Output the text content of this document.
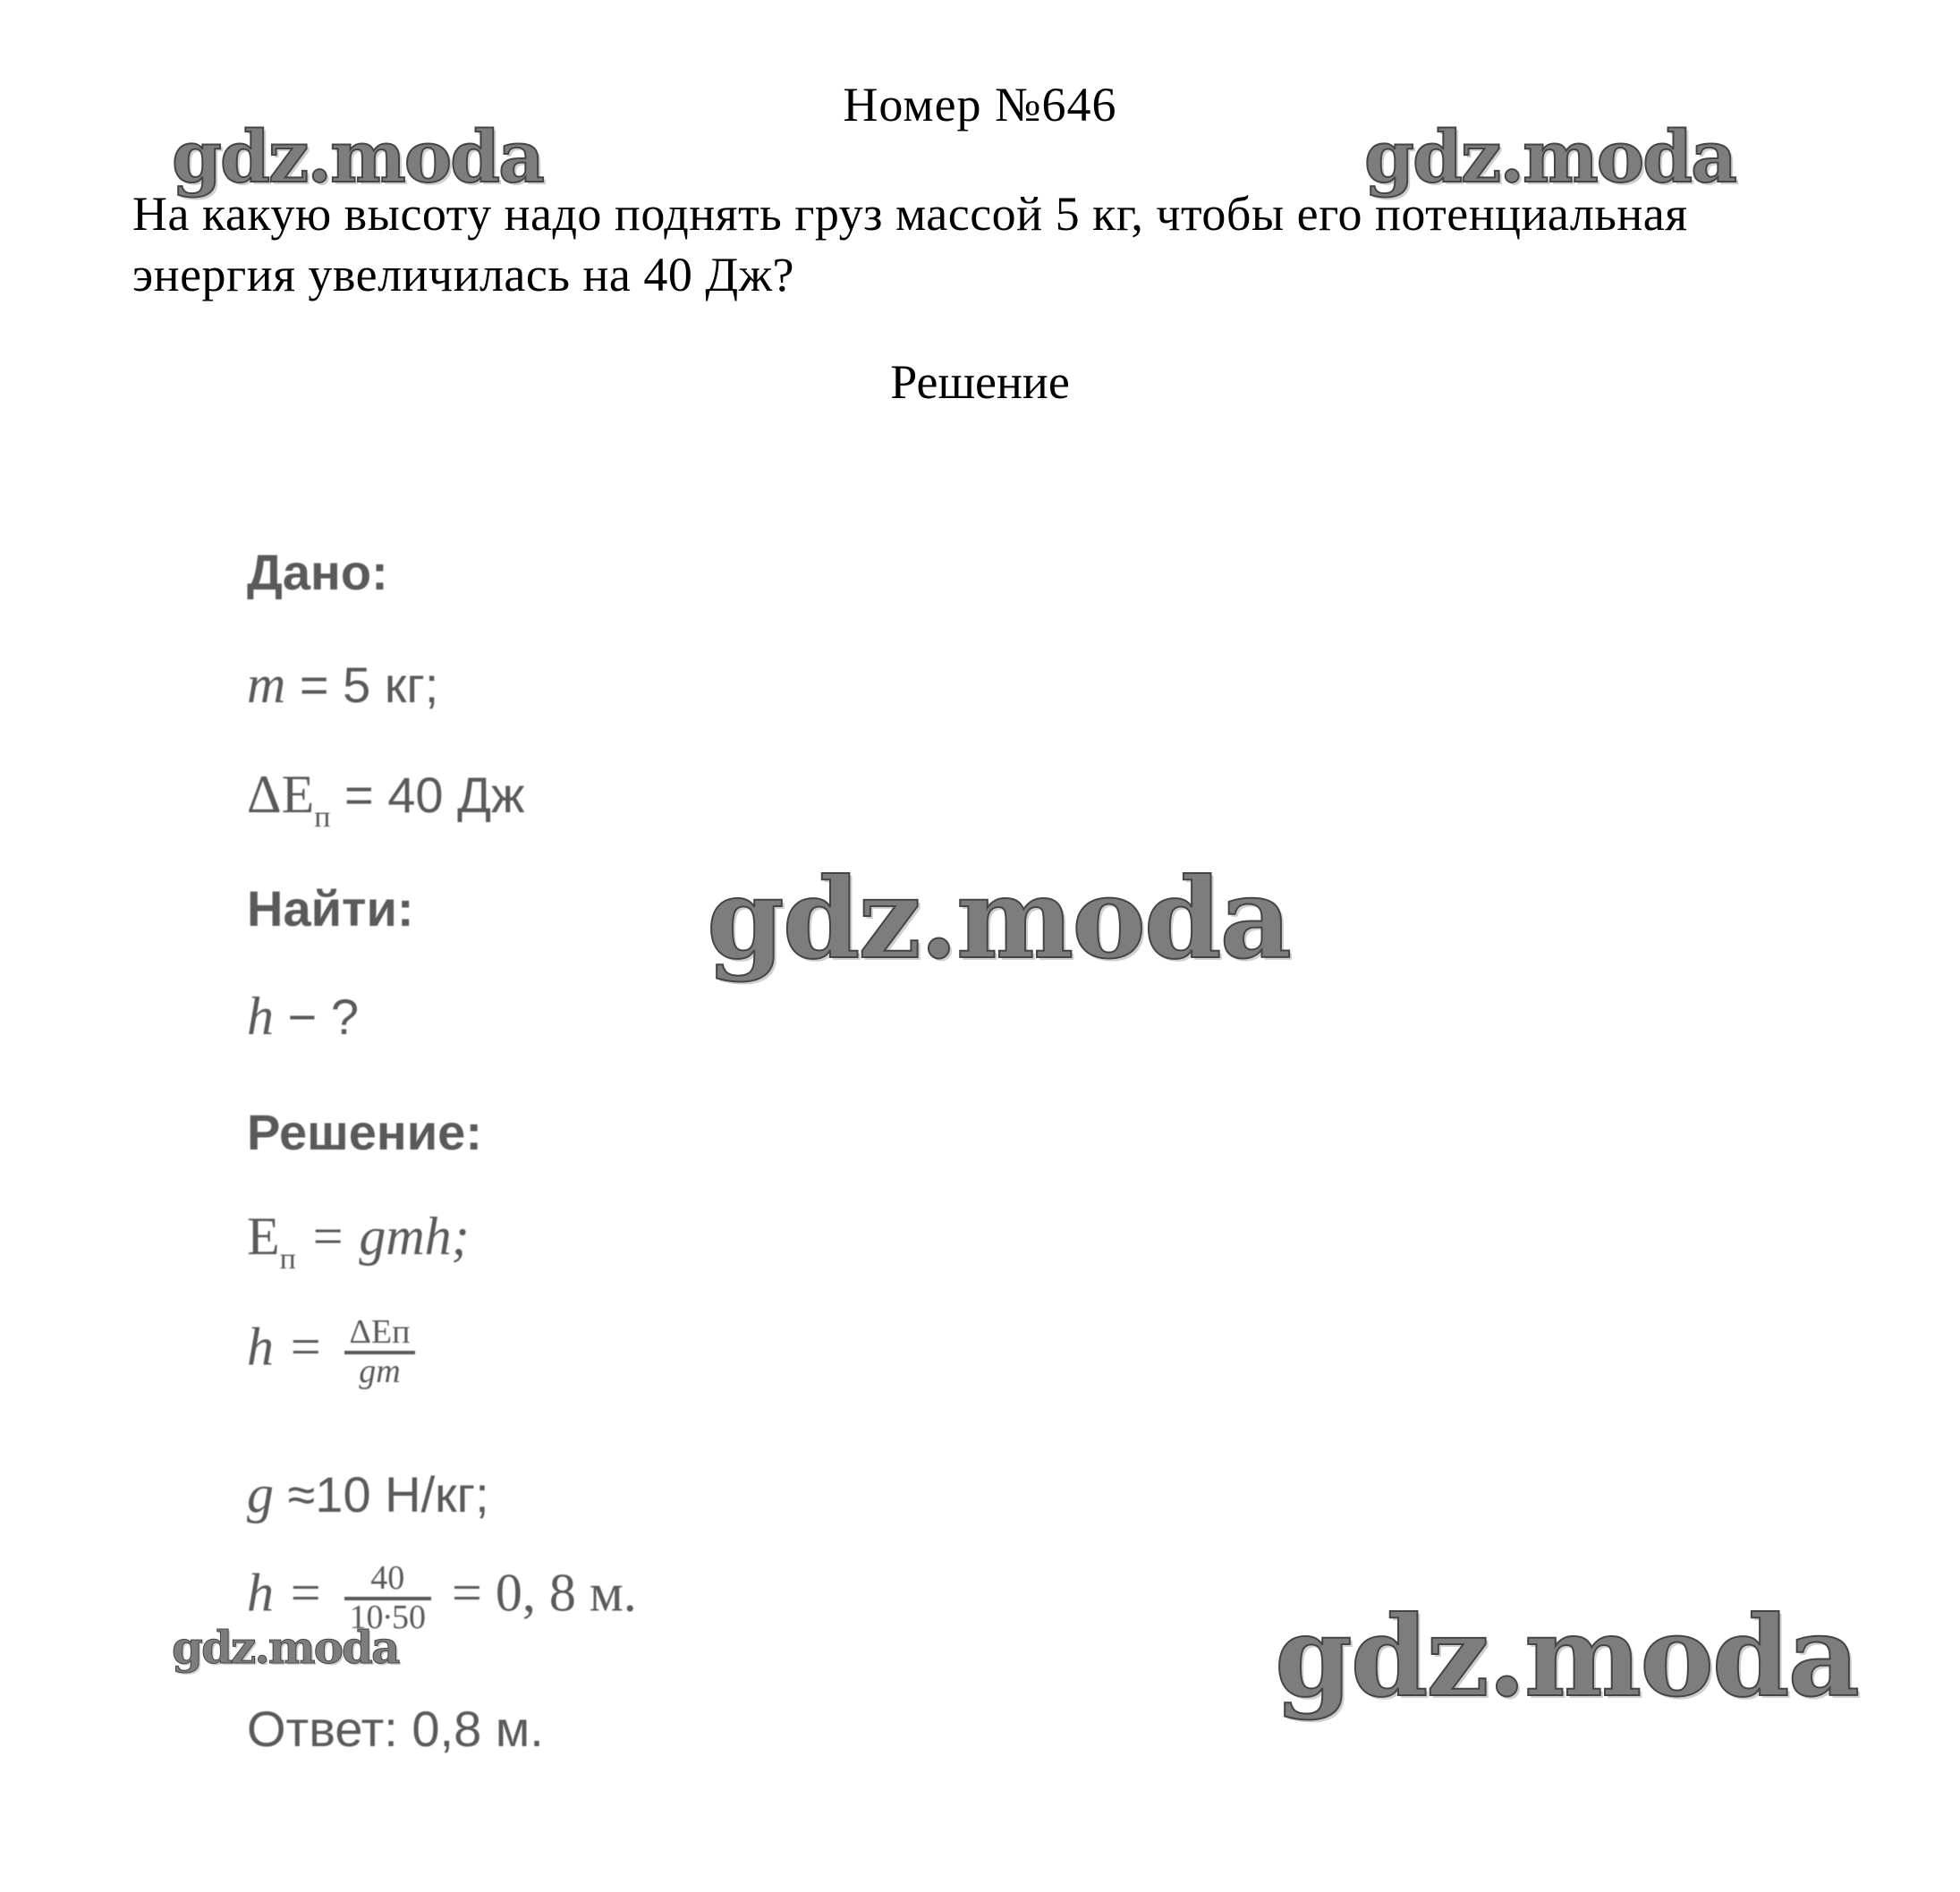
Номер №646
На какую высоту надо поднять груз массой 5 кг, чтобы его потенциальная энергия увеличилась на 40 Дж?
Решение
Дано:
m = 5 кг;
$\Delta E_п = 40$ Дж
Найти:
h − ?
Решение:
$E_п$ = gmh;
$h = \frac{\text{ΔEп}}{gm}$
g ≈10 Н/кг;
$h = \frac{40}{10\cdot 50} = 0$, 8 м.
Ответ: 0,8 м.
gdz.moda	gdz.moda
gdz.moda
gdz.moda	gdz.moda
